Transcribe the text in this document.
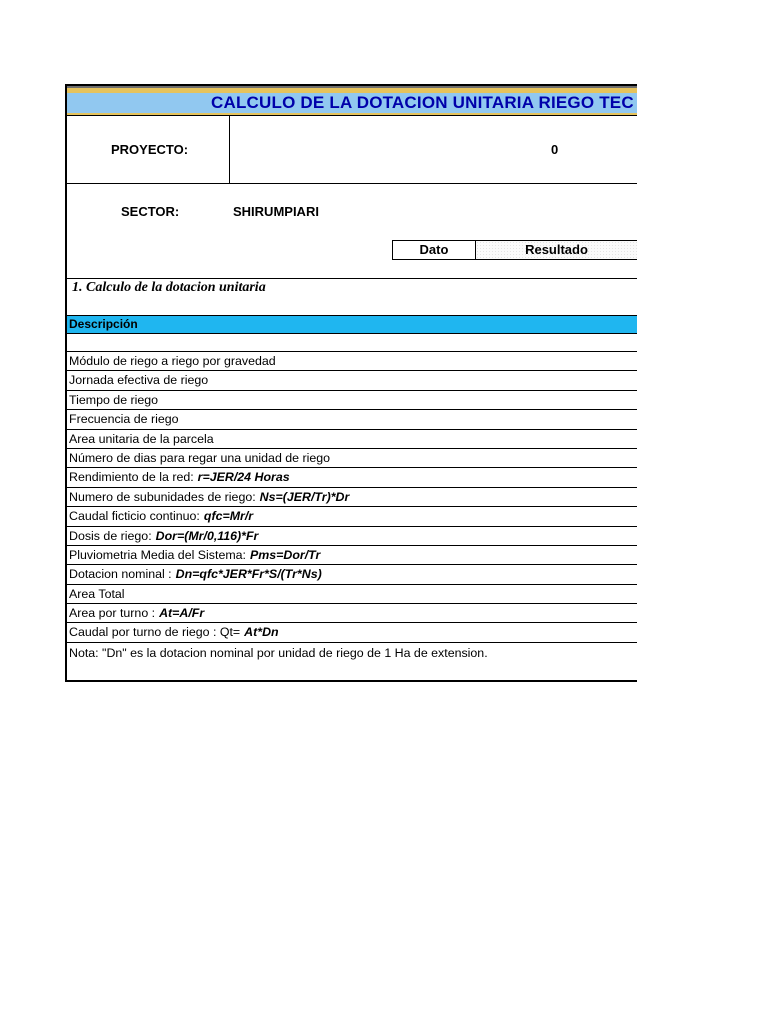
CALCULO DE LA DOTACION UNITARIA RIEGO TEC
PROYECTO:	0
SECTOR:	SHIRUMPIARI
Dato	Resultado
1. Calculo de la dotacion unitaria
Descripción
Módulo de riego a riego por gravedad
Jornada efectiva de riego
Tiempo de riego
Frecuencia de riego
Area unitaria de la parcela
Número de dias para regar una unidad de riego
Rendimiento de la red: r=JER/24 Horas
Numero de subunidades de riego: Ns=(JER/Tr)*Dr
Caudal ficticio continuo: qfc=Mr/r
Dosis de riego: Dor=(Mr/0,116)*Fr
Pluviometria Media del Sistema: Pms=Dor/Tr
Dotacion nominal : Dn=qfc*JER*Fr*S/(Tr*Ns)
Area Total
Area por turno : At=A/Fr
Caudal por turno de riego : Qt= At*Dn
Nota: "Dn" es la dotacion nominal por unidad de riego de 1 Ha de extension.
